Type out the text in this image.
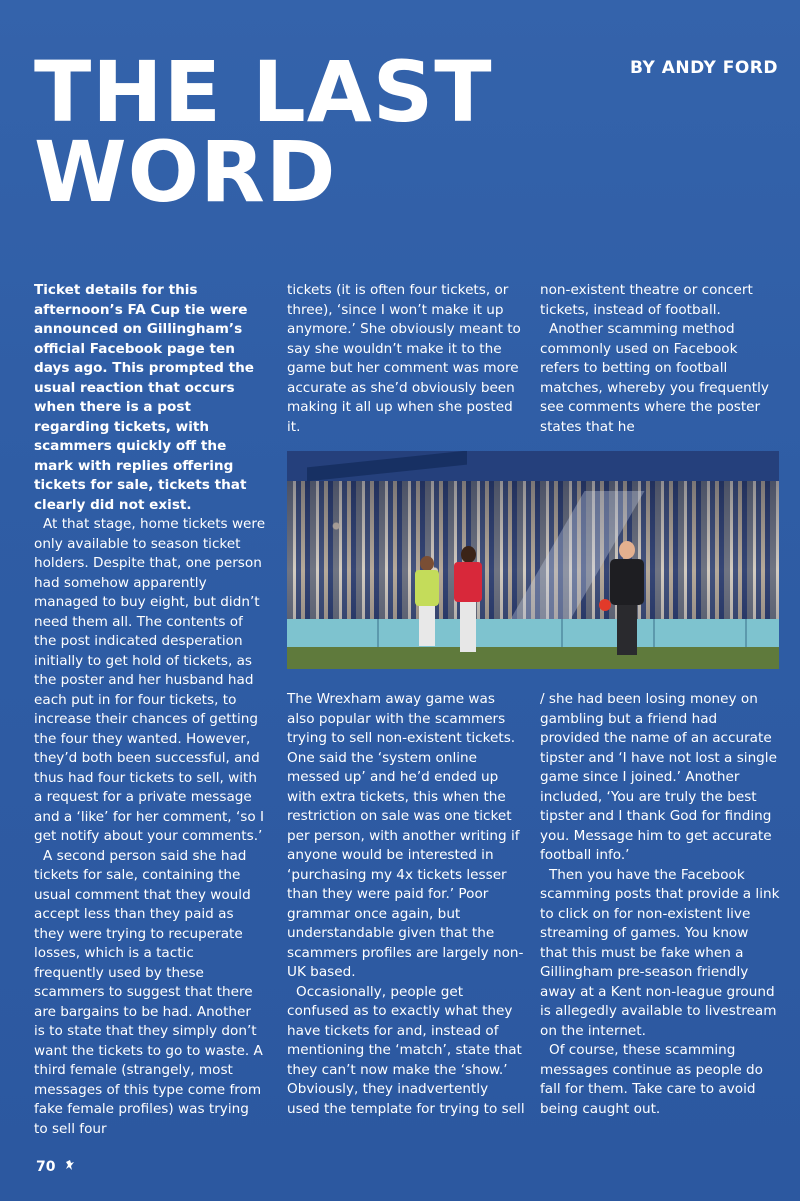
THE LAST
WORD
BY ANDY FORD

Ticket details for this afternoon’s FA Cup tie were announced on Gillingham’s official Facebook page ten days ago. This prompted the usual reaction that occurs when there is a post regarding tickets, with scammers quickly off the mark with replies offering tickets for sale, tickets that clearly did not exist.

At that stage, home tickets were only available to season ticket holders. Despite that, one person had somehow apparently managed to buy eight, but didn’t need them all. The contents of the post indicated desperation initially to get hold of tickets, as the poster and her husband had each put in for four tickets, to increase their chances of getting the four they wanted. However, they’d both been successful, and thus had four tickets to sell, with a request for a private message and a ‘like’ for her comment, ‘so I get notify about your comments.’

A second person said she had tickets for sale, containing the usual comment that they would accept less than they paid as they were trying to recuperate losses, which is a tactic frequently used by these scammers to suggest that there are bargains to be had. Another is to state that they simply don’t want the tickets to go to waste. A third female (strangely, most messages of this type come from fake female profiles) was trying to sell four

tickets (it is often four tickets, or three), ‘since I won’t make it up anymore.’ She obviously meant to say she wouldn’t make it to the game but her comment was more accurate as she’d obviously been making it all up when she posted it.

non-existent theatre or concert tickets, instead of football.

Another scamming method commonly used on Facebook refers to betting on football matches, whereby you frequently see comments where the poster states that he

The Wrexham away game was also popular with the scammers trying to sell non-existent tickets. One said the ‘system online messed up’ and he’d ended up with extra tickets, this when the restriction on sale was one ticket per person, with another writing if anyone would be interested in ‘purchasing my 4x tickets lesser than they were paid for.’ Poor grammar once again, but understandable given that the scammers profiles are largely non-UK based.

Occasionally, people get confused as to exactly what they have tickets for and, instead of mentioning the ‘match’, state that they can’t now make the ‘show.’ Obviously, they inadvertently used the template for trying to sell

/ she had been losing money on gambling but a friend had provided the name of an accurate tipster and ‘I have not lost a single game since I joined.’ Another included, ‘You are truly the best tipster and I thank God for finding you. Message him to get accurate football info.’

Then you have the Facebook scamming posts that provide a link to click on for non-existent live streaming of games. You know that this must be fake when a Gillingham pre-season friendly away at a Kent non-league ground is allegedly available to livestream on the internet.

Of course, these scamming messages continue as people do fall for them. Take care to avoid being caught out.

70
